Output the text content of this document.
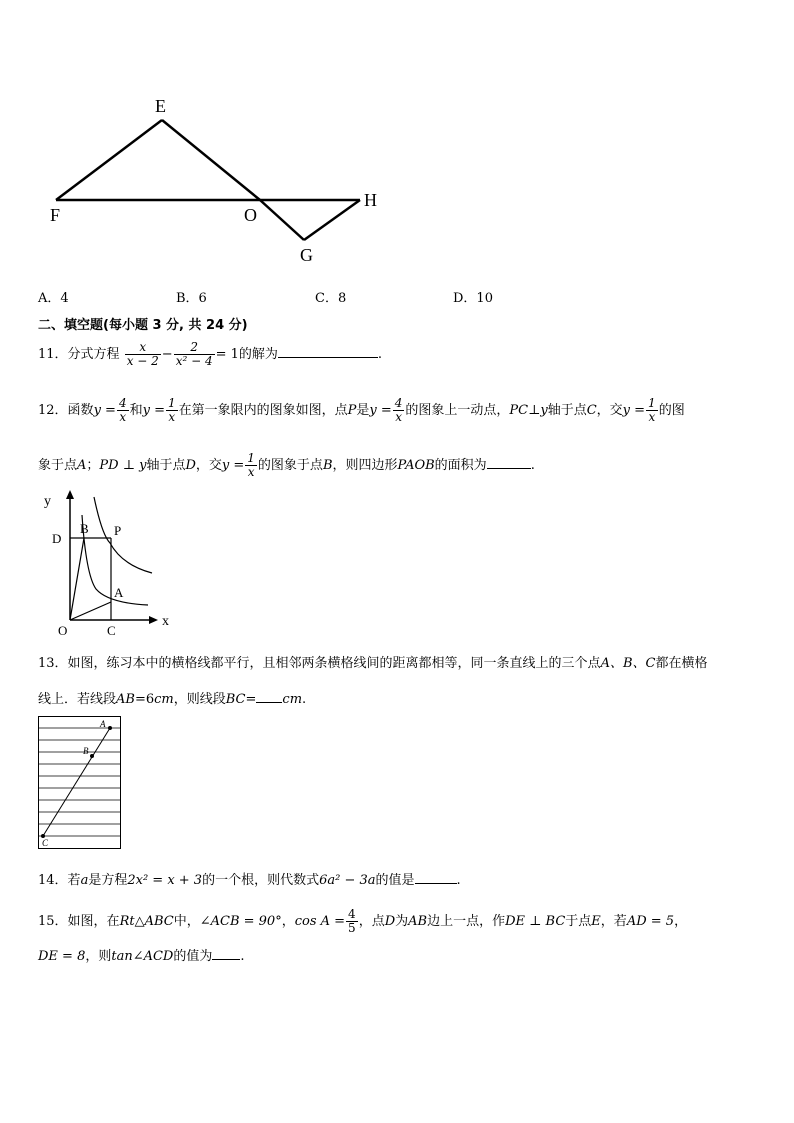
E
F	O
H
G
A．4	B．6	C．8	D．10
二、填空题(每小题 3 分, 共 24 分)
11．分式方程 $\frac{x}{x - 2} - \frac{2}{\text{x² − 4}} = 1$的解为	.
12．函数$y = \frac{4}{x}$ 和$y = \frac{1}{x}$ 在第一象限内的图象如图，点P是$y = \frac{4}{x}$ 的图象上一动点，PC⊥y轴于点C，交$y = \frac{1}{x}$ 的图
象于点A；PD ⊥ y轴于点D，交$y = \frac{1}{x}$ 的图象于点B，则四边形PAOB的面积为	.
y
x
D
B P
A
O	C
13．如图，练习本中的横格线都平行，且相邻两条横格线间的距离都相等，同一条直线上的三个点A、B、C都在横格
线上．若线段AB=6cm，则线段BC= cm.
A
B
C
14．若a是方程2x² = x + 3的一个根，则代数式6a² − 3a的值是	.
15．如图，在Rt△ABC中，∠ACB = 90°，$\cos A = \frac{4}{5}$ ，点D为AB边上一点，作DE ⊥ BC于点E，若AD = 5，
DE = 8，则tan∠ACD的值为 .
